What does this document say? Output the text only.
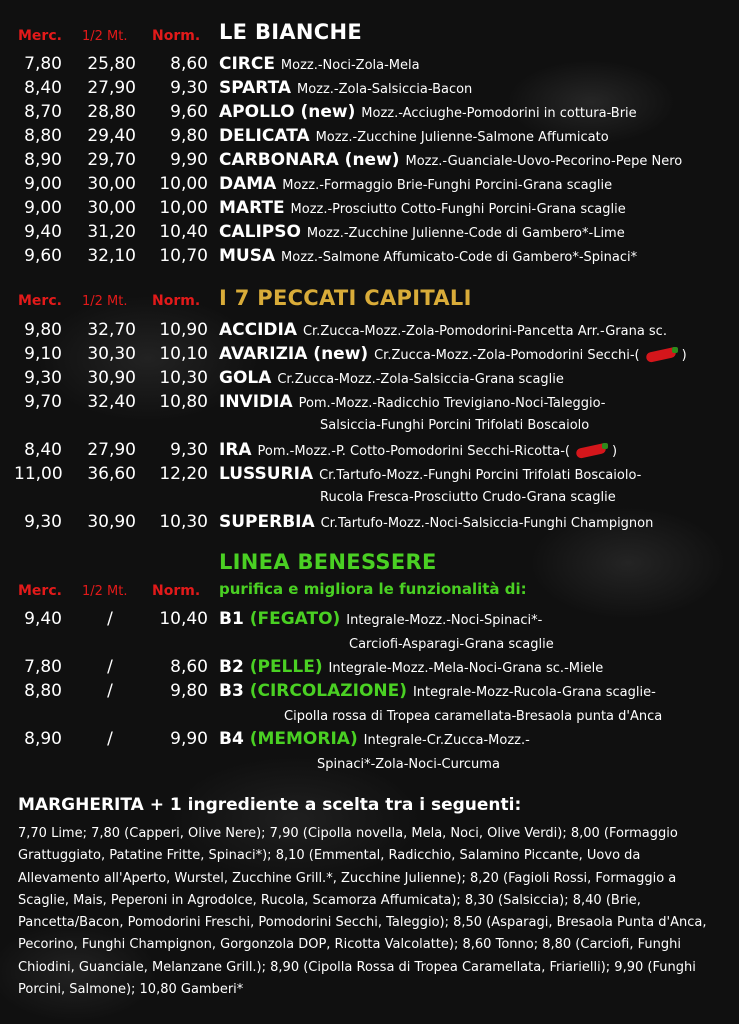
Merc. 1/2 Mt. Norm. LE BIANCHE
7,80	25,80	8,60 CIRCE Mozz.-Noci-Zola-Mela
8,40	27,90	9,30 SPARTA Mozz.-Zola-Salsiccia-Bacon
8,70	28,80	9,60 APOLLO (new) Mozz.-Acciughe-Pomodorini in cottura-Brie
8,80	29,40	9,80 DELICATA Mozz.-Zucchine Julienne-Salmone Affumicato
8,90	29,70	9,90 CARBONARA (new) Mozz.-Guanciale-Uovo-Pecorino-Pepe Nero
9,00	30,00	10,00 DAMA Mozz.-Formaggio Brie-Funghi Porcini-Grana scaglie
9,00	30,00	10,00 MARTE Mozz.-Prosciutto Cotto-Funghi Porcini-Grana scaglie
9,40	31,20	10,40 CALIPSO Mozz.-Zucchine Julienne-Code di Gambero*-Lime
9,60	32,10	10,70 MUSA Mozz.-Salmone Affumicato-Code di Gambero*-Spinaci*
Merc. 1/2 Mt. Norm. I 7 PECCATI CAPITALI
9,80	32,70	10,90 ACCIDIA Cr.Zucca-Mozz.-Zola-Pomodorini-Pancetta Arr.-Grana sc.
9,10	30,30	10,10 AVARIZIA (new) Cr.Zucca-Mozz.-Zola-Pomodorini Secchi-(	)
9,30	30,90	10,30 GOLA Cr.Zucca-Mozz.-Zola-Salsiccia-Grana scaglie
9,70	32,40	10,80 INVIDIA Pom.-Mozz.-Radicchio Trevigiano-Noci-Taleggio-
Salsiccia-Funghi Porcini Trifolati Boscaiolo
8,40	27,90	9,30 IRA Pom.-Mozz.-P. Cotto-Pomodorini Secchi-Ricotta-(	)
11,00	36,60	12,20 LUSSURIA Cr.Tartufo-Mozz.-Funghi Porcini Trifolati Boscaiolo-
Rucola Fresca-Prosciutto Crudo-Grana scaglie
9,30	30,90	10,30 SUPERBIA Cr.Tartufo-Mozz.-Noci-Salsiccia-Funghi Champignon
LINEA BENESSERE
Merc. 1/2 Mt. Norm. purifica e migliora le funzionalità di:
9,40	/	10,40 B1 (FEGATO) Integrale-Mozz.-Noci-Spinaci*-
Carciofi-Asparagi-Grana scaglie
7,80	/	8,60 B2 (PELLE) Integrale-Mozz.-Mela-Noci-Grana sc.-Miele
8,80	/	9,80 B3 (CIRCOLAZIONE) Integrale-Mozz-Rucola-Grana scaglie-
Cipolla rossa di Tropea caramellata-Bresaola punta d'Anca
8,90	/	9,90 B4 (MEMORIA) Integrale-Cr.Zucca-Mozz.-
Spinaci*-Zola-Noci-Curcuma
MARGHERITA + 1 ingrediente a scelta tra i seguenti:
7,70 Lime; 7,80 (Capperi, Olive Nere); 7,90 (Cipolla novella, Mela, Noci, Olive Verdi); 8,00 (Formaggio Grattuggiato, Patatine Fritte, Spinaci*); 8,10 (Emmental, Radicchio, Salamino Piccante, Uovo da Allevamento all'Aperto, Wurstel, Zucchine Grill.*, Zucchine Julienne); 8,20 (Fagioli Rossi, Formaggio a Scaglie, Mais, Peperoni in Agrodolce, Rucola, Scamorza Affumicata); 8,30 (Salsiccia); 8,40 (Brie, Pancetta/Bacon, Pomodorini Freschi, Pomodorini Secchi, Taleggio); 8,50 (Asparagi, Bresaola Punta d'Anca, Pecorino, Funghi Champignon, Gorgonzola DOP, Ricotta Valcolatte); 8,60 Tonno; 8,80 (Carciofi, Funghi Chiodini, Guanciale, Melanzane Grill.); 8,90 (Cipolla Rossa di Tropea Caramellata, Friarielli); 9,90 (Funghi Porcini, Salmone); 10,80 Gamberi*
